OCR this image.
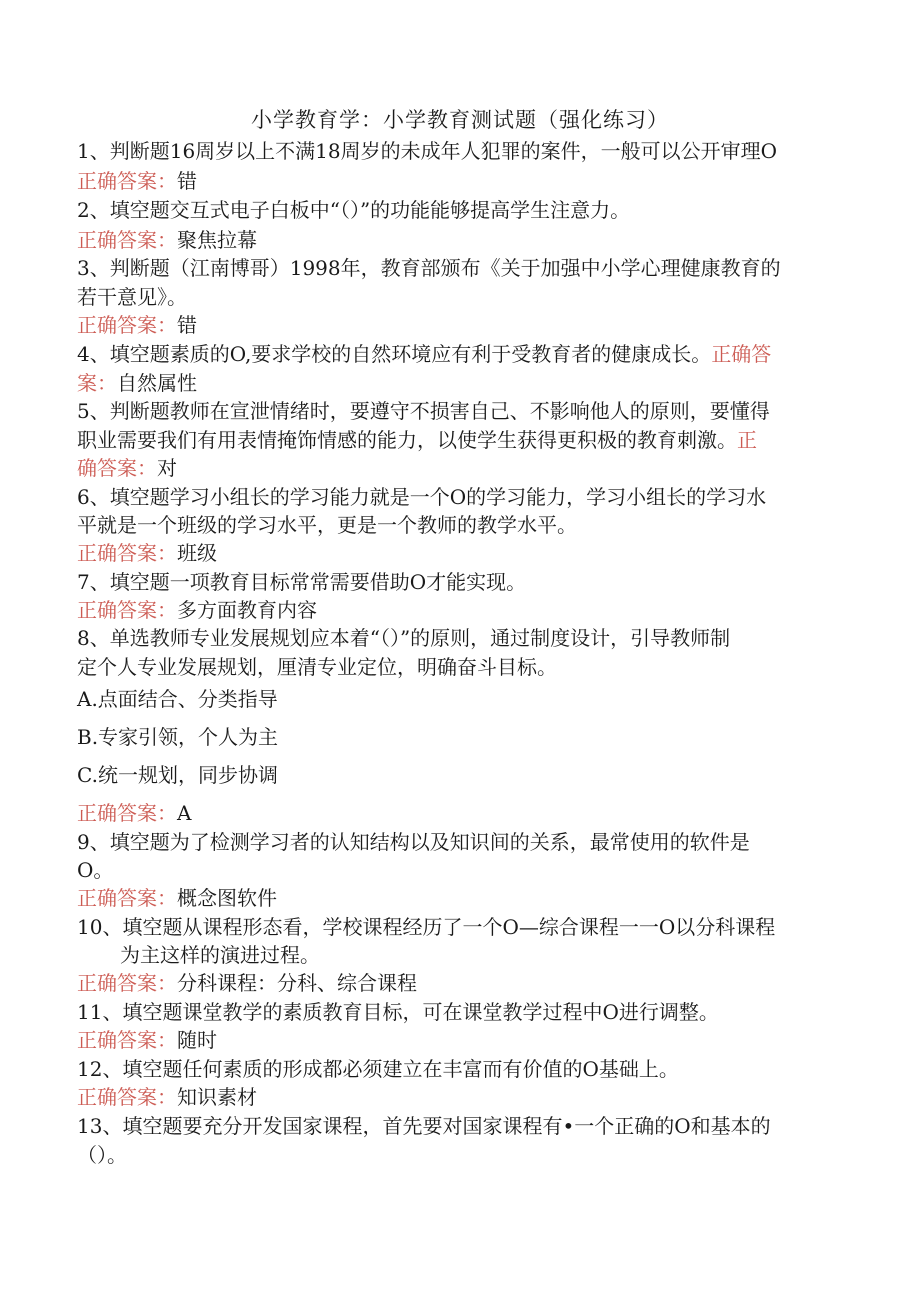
小学教育学：小学教育测试题（强化练习）
1、判断题16周岁以上不满18周岁的未成年人犯罪的案件，一般可以公开审理O
正确答案：错
2、填空题交互式电子白板中“（）”的功能能够提高学生注意力。
正确答案：聚焦拉幕
3、判断题（江南博哥）1998年，教育部颁布《关于加强中小学心理健康教育的
若干意见》。
正确答案：错
4、填空题素质的O,要求学校的自然环境应有利于受教育者的健康成长。正确答
案：自然属性
5、判断题教师在宣泄情绪时，要遵守不损害自己、不影响他人的原则，要懂得
职业需要我们有用表情掩饰情感的能力，以使学生获得更积极的教育刺激。正
确答案：对
6、填空题学习小组长的学习能力就是一个O的学习能力，学习小组长的学习水
平就是一个班级的学习水平，更是一个教师的教学水平。
正确答案：班级
7、填空题一项教育目标常常需要借助O才能实现。
正确答案：多方面教育内容
8、单选教师专业发展规划应本着“（）”的原则，通过制度设计，引导教师制
定个人专业发展规划，厘清专业定位，明确奋斗目标。
A.点面结合、分类指导
B.专家引领，个人为主
C.统一规划，同步协调
正确答案：A
9、填空题为了检测学习者的认知结构以及知识间的关系，最常使用的软件是
O。
正确答案：概念图软件
10、填空题从课程形态看，学校课程经历了一个O—综合课程一一O以分科课程
为主这样的演进过程。
正确答案：分科课程：分科、综合课程
11、填空题课堂教学的素质教育目标，可在课堂教学过程中O进行调整。
正确答案：随时
12、填空题任何素质的形成都必须建立在丰富而有价值的O基础上。
正确答案：知识素材
13、填空题要充分开发国家课程，首先要对国家课程有•一个正确的O和基本的
（）。
